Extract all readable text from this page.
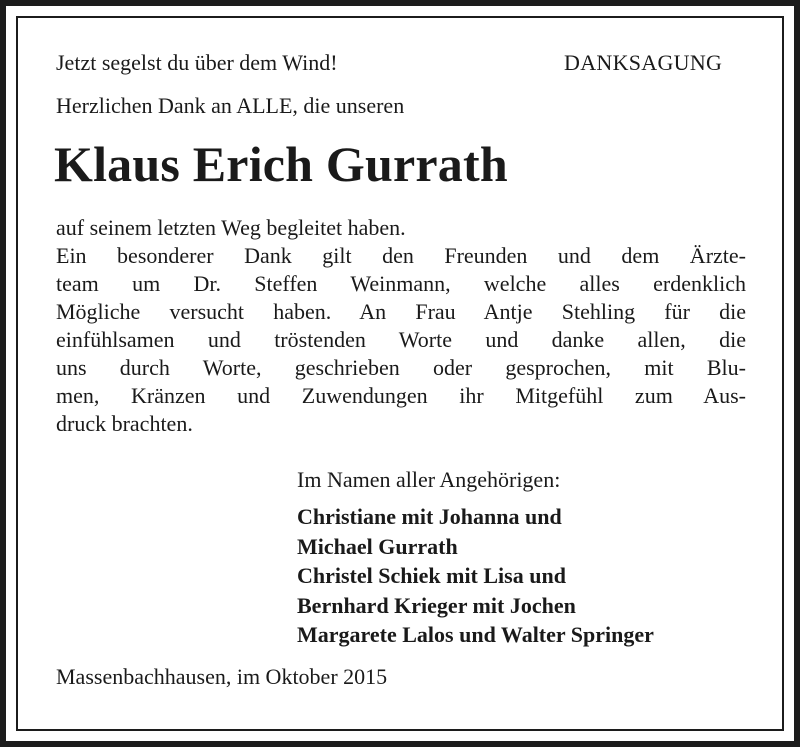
Jetzt segelst du über dem Wind!	DANKSAGUNG
Herzlichen Dank an ALLE, die unseren
Klaus Erich Gurrath
auf seinem letzten Weg begleitet haben.
Ein besonderer Dank gilt den Freunden und dem Ärzte-
team um Dr. Steffen Weinmann, welche alles erdenklich
Mögliche versucht haben. An Frau Antje Stehling für die
einfühlsamen und tröstenden Worte und danke allen, die
uns durch Worte, geschrieben oder gesprochen, mit Blu-
men, Kränzen und Zuwendungen ihr Mitgefühl zum Aus-
druck brachten.
Im Namen aller Angehörigen:
Christiane mit Johanna und
Michael Gurrath
Christel Schiek mit Lisa und
Bernhard Krieger mit Jochen
Margarete Lalos und Walter Springer
Massenbachhausen, im Oktober 2015
